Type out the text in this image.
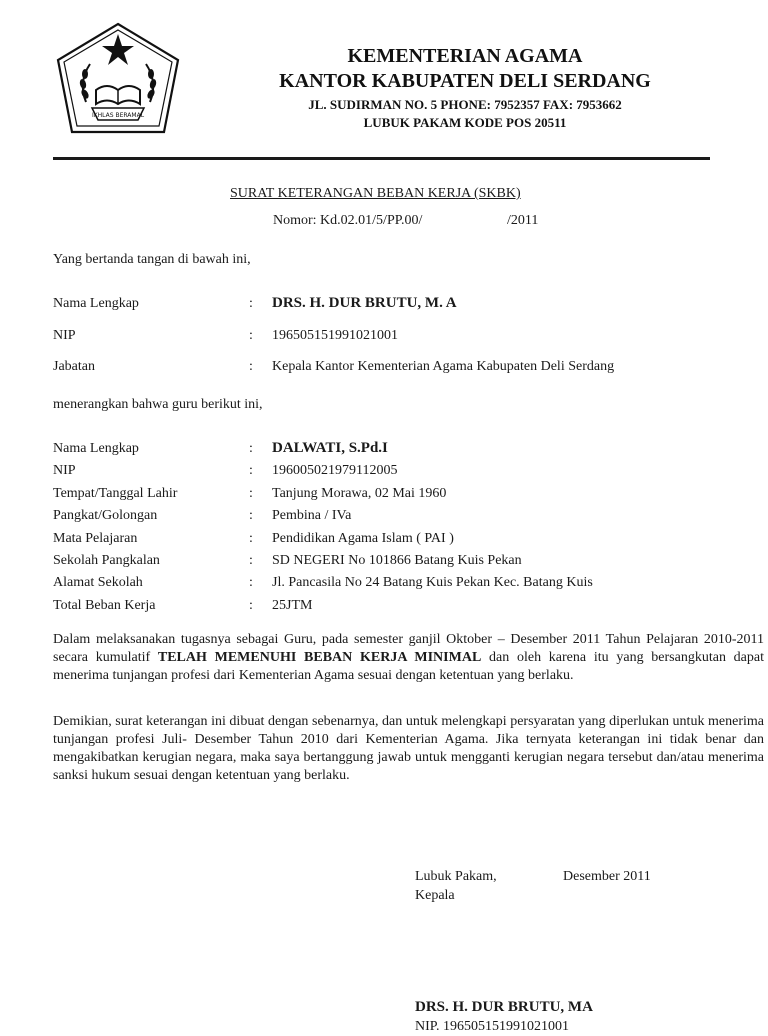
IKHLAS BERAMAL
KEMENTERIAN AGAMA
KANTOR KABUPATEN DELI SERDANG
JL. SUDIRMAN NO. 5 PHONE: 7952357 FAX: 7953662
LUBUK PAKAM KODE POS 20511
SURAT KETERANGAN BEBAN KERJA (SKBK)
Nomor: Kd.02.01/5/PP.00/	/2011
Yang bertanda tangan di bawah ini,
Nama Lengkap	: DRS. H. DUR BRUTU, M. A
NIP	: 196505151991021001
Jabatan	: Kepala Kantor Kementerian Agama Kabupaten Deli Serdang
menerangkan bahwa guru berikut ini,
Nama Lengkap	: DALWATI, S.Pd.I
NIP	: 196005021979112005
Tempat/Tanggal Lahir	: Tanjung Morawa, 02 Mai 1960
Pangkat/Golongan	: Pembina / IVa
Mata Pelajaran	: Pendidikan Agama Islam ( PAI )
Sekolah Pangkalan	: SD NEGERI No 101866 Batang Kuis Pekan
Alamat Sekolah	: Jl. Pancasila No 24 Batang Kuis Pekan Kec. Batang Kuis
Total Beban Kerja	: 25JTM

Dalam melaksanakan tugasnya sebagai Guru, pada semester ganjil Oktober – Desember 2011 Tahun Pelajaran 2010-2011 secara kumulatif TELAH MEMENUHI BEBAN KERJA MINIMAL dan oleh karena itu yang bersangkutan dapat menerima tunjangan profesi dari Kementerian Agama sesuai dengan ketentuan yang berlaku.

Demikian, surat keterangan ini dibuat dengan sebenarnya, dan untuk melengkapi persyaratan yang diperlukan untuk menerima tunjangan profesi Juli- Desember Tahun 2010 dari Kementerian Agama. Jika ternyata keterangan ini tidak benar dan mengakibatkan kerugian negara, maka saya bertanggung jawab untuk mengganti kerugian negara tersebut dan/atau menerima sanksi hukum sesuai dengan ketentuan yang berlaku.

Lubuk Pakam,	Desember 2011
Kepala
DRS. H. DUR BRUTU, MA
NIP. 196505151991021001
